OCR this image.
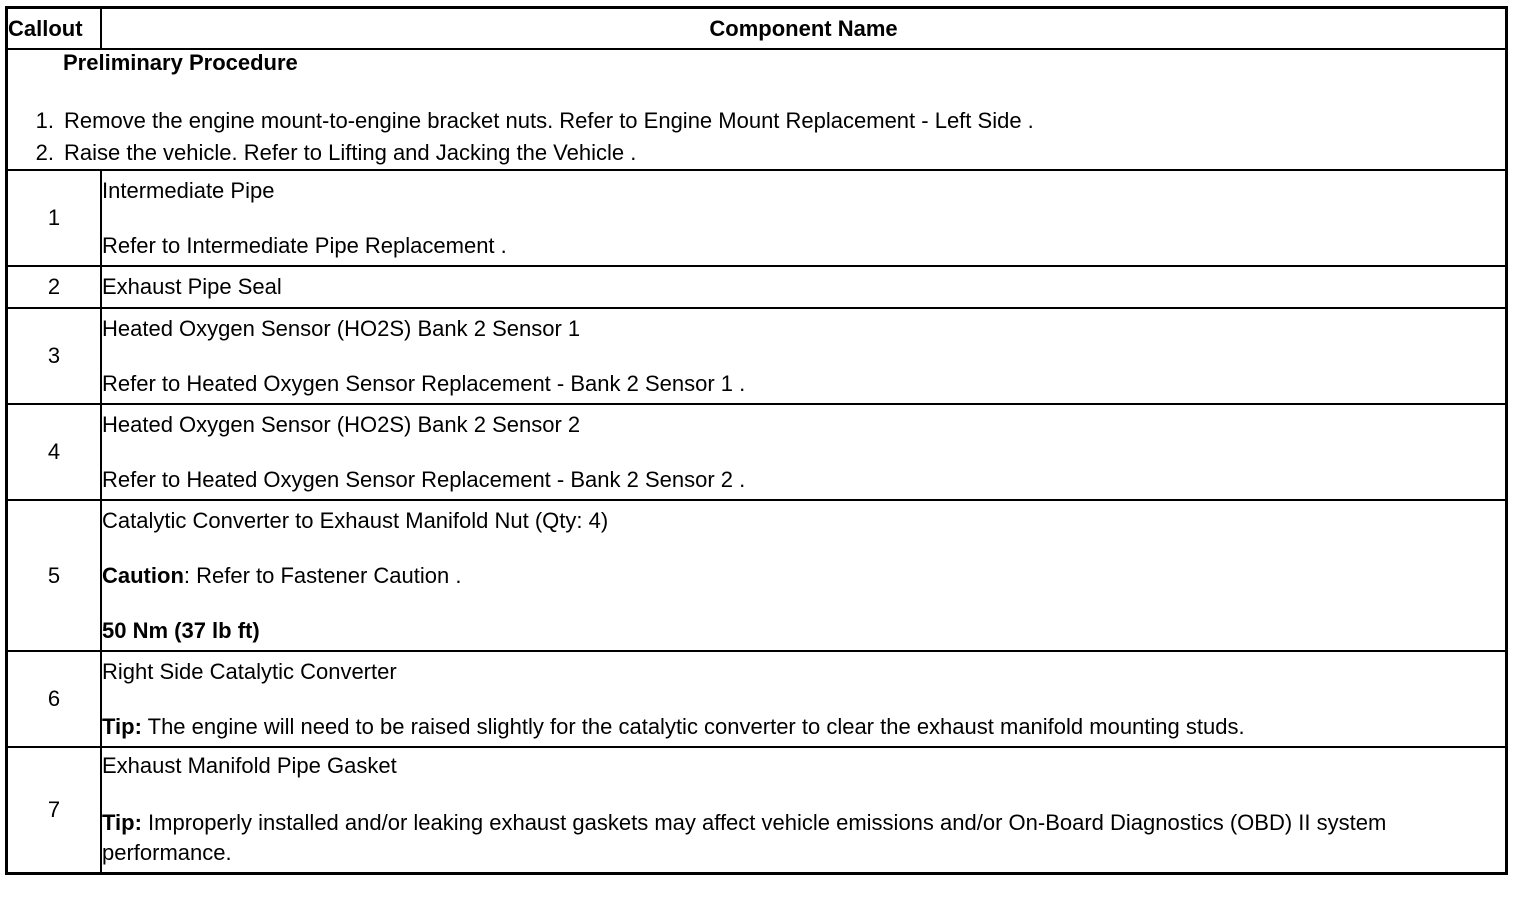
Callout	Component Name

Preliminary Procedure
1. Remove the engine mount-to-engine bracket nuts. Refer to Engine Mount Replacement - Left Side .
2. Raise the vehicle. Refer to Lifting and Jacking the Vehicle .	

1	Intermediate Pipe
Refer to Intermediate Pipe Replacement .

2	Exhaust Pipe Seal

3	Heated Oxygen Sensor (HO2S) Bank 2 Sensor 1
Refer to Heated Oxygen Sensor Replacement - Bank 2 Sensor 1 .

4	Heated Oxygen Sensor (HO2S) Bank 2 Sensor 2
Refer to Heated Oxygen Sensor Replacement - Bank 2 Sensor 2 .

5	Catalytic Converter to Exhaust Manifold Nut (Qty: 4)
Caution: Refer to Fastener Caution .
50 Nm (37 lb ft)

6	Right Side Catalytic Converter
Tip: The engine will need to be raised slightly for the catalytic converter to clear the exhaust manifold mounting studs.

7	Exhaust Manifold Pipe Gasket
Tip: Improperly installed and/or leaking exhaust gaskets may affect vehicle emissions and/or On-Board Diagnostics (OBD) II system performance.
